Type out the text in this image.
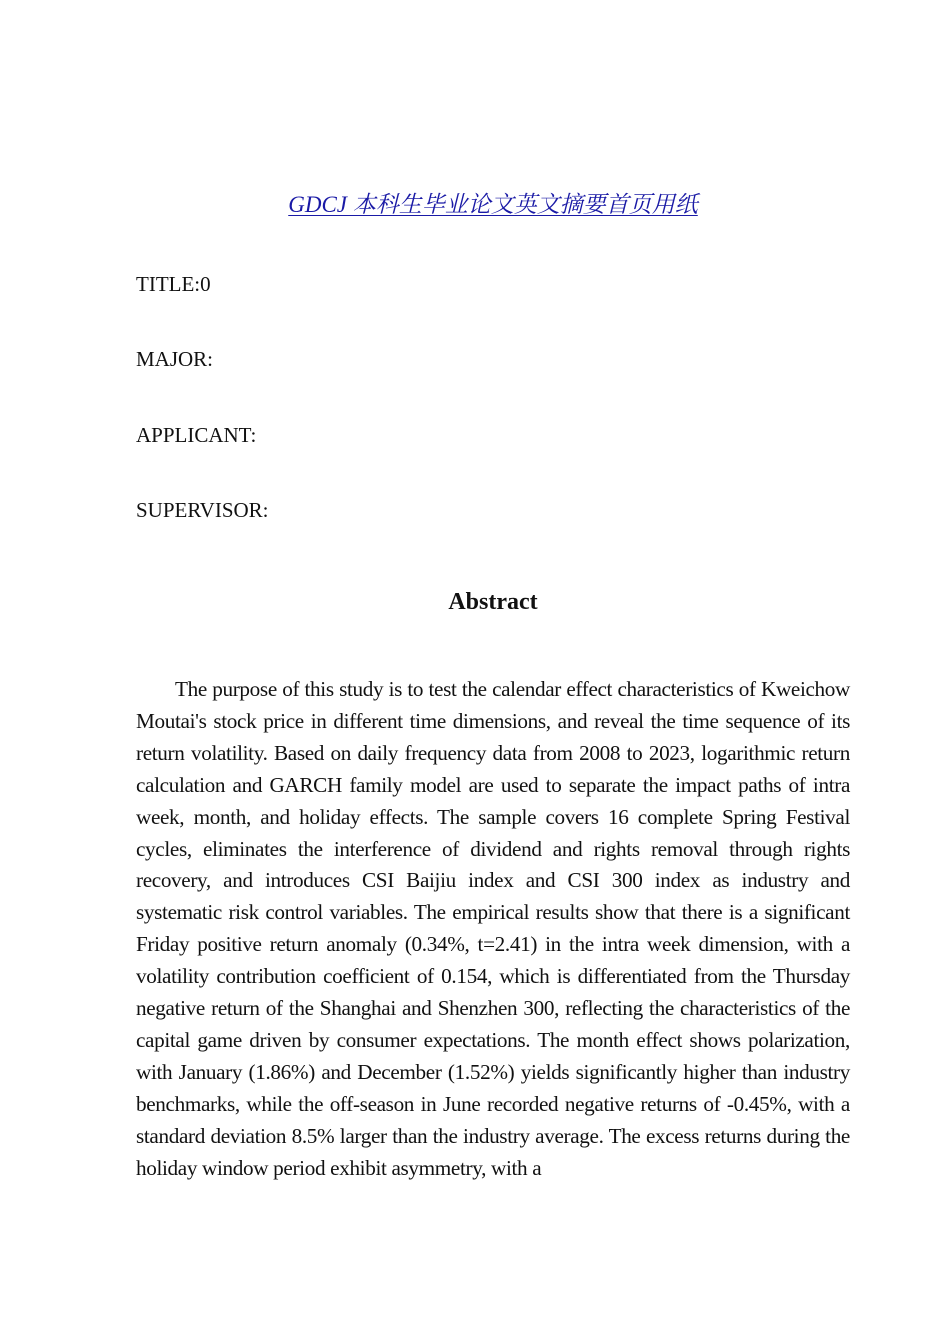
GDCJ 本科生毕业论文英文摘要首页用纸
TITLE:0
MAJOR:
APPLICANT:
SUPERVISOR:
Abstract

The purpose of this study is to test the calendar effect characteristics of Kweichow Moutai's stock price in different time dimensions, and reveal the time sequence of its return volatility. Based on daily frequency data from 2008 to 2023, logarithmic return calculation and GARCH family model are used to separate the impact paths of intra week, month, and holiday effects. The sample covers 16 complete Spring Festival cycles, eliminates the interference of dividend and rights removal through rights recovery, and introduces CSI Baijiu index and CSI 300 index as industry and systematic risk control variables. The empirical results show that there is a significant Friday positive return anomaly (0.34%, t=2.41) in the intra week dimension, with a volatility contribution coefficient of 0.154, which is differentiated from the Thursday negative return of the Shanghai and Shenzhen 300, reflecting the characteristics of the capital game driven by consumer expectations. The month effect shows polarization, with January (1.86%) and December (1.52%) yields significantly higher than industry benchmarks, while the off-season in June recorded negative returns of -0.45%, with a standard deviation 8.5% larger than the industry average. The excess returns during the holiday window period exhibit asymmetry, with a
